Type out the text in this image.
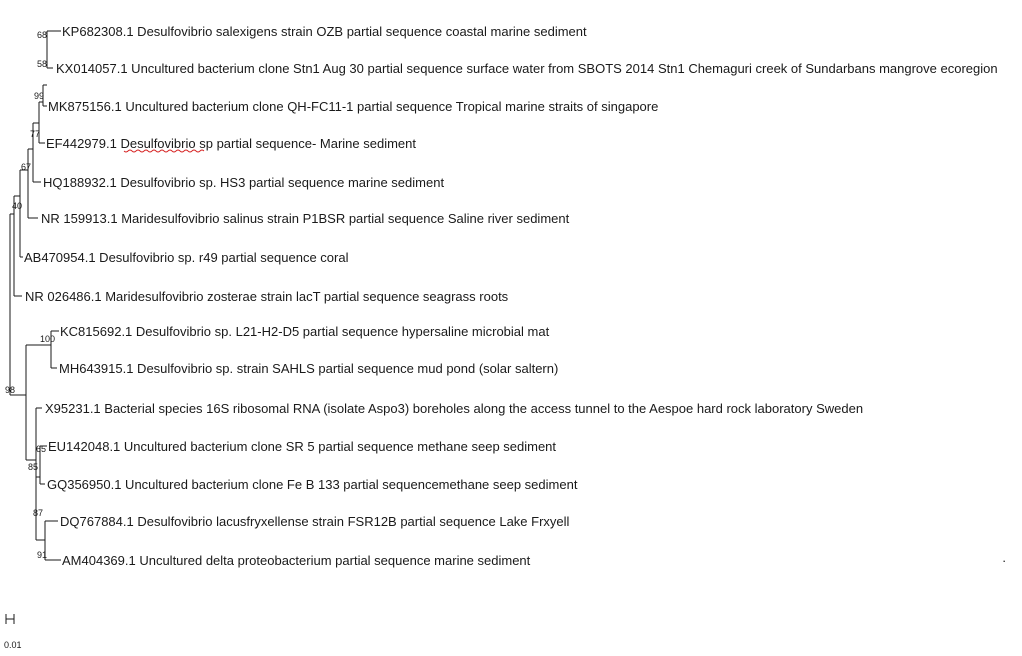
KP682308.1 Desulfovibrio salexigens strain OZB partial sequence coastal marine sediment
KX014057.1 Uncultured bacterium clone Stn1 Aug 30 partial sequence surface water from SBOTS 2014 Stn1 Chemaguri creek of Sundarbans mangrove ecoregion
MK875156.1 Uncultured bacterium clone QH-FC11-1 partial sequence Tropical marine straits of singapore
EF442979.1 Desulfovibrio sp partial sequence- Marine sediment
HQ188932.1 Desulfovibrio sp. HS3 partial sequence marine sediment
NR 159913.1 Maridesulfovibrio salinus strain P1BSR partial sequence Saline river sediment
AB470954.1 Desulfovibrio sp. r49 partial sequence coral
NR 026486.1 Maridesulfovibrio zosterae strain lacT partial sequence seagrass roots
KC815692.1 Desulfovibrio sp. L21-H2-D5 partial sequence hypersaline microbial mat
MH643915.1 Desulfovibrio sp. strain SAHLS partial sequence mud pond (solar saltern)
X95231.1 Bacterial species 16S ribosomal RNA (isolate Aspo3) boreholes along the access tunnel to the Aespoe hard rock laboratory Sweden
EU142048.1 Uncultured bacterium clone SR 5 partial sequence methane seep sediment
GQ356950.1 Uncultured bacterium clone Fe B 133 partial sequencemethane seep sediment
DQ767884.1 Desulfovibrio lacusfryxellense strain FSR12B partial sequence Lake Frxyell
AM404369.1 Uncultured delta proteobacterium partial sequence marine sediment
68
58
99
77
67
40
100
98
65
85
87
91
0.01
·
